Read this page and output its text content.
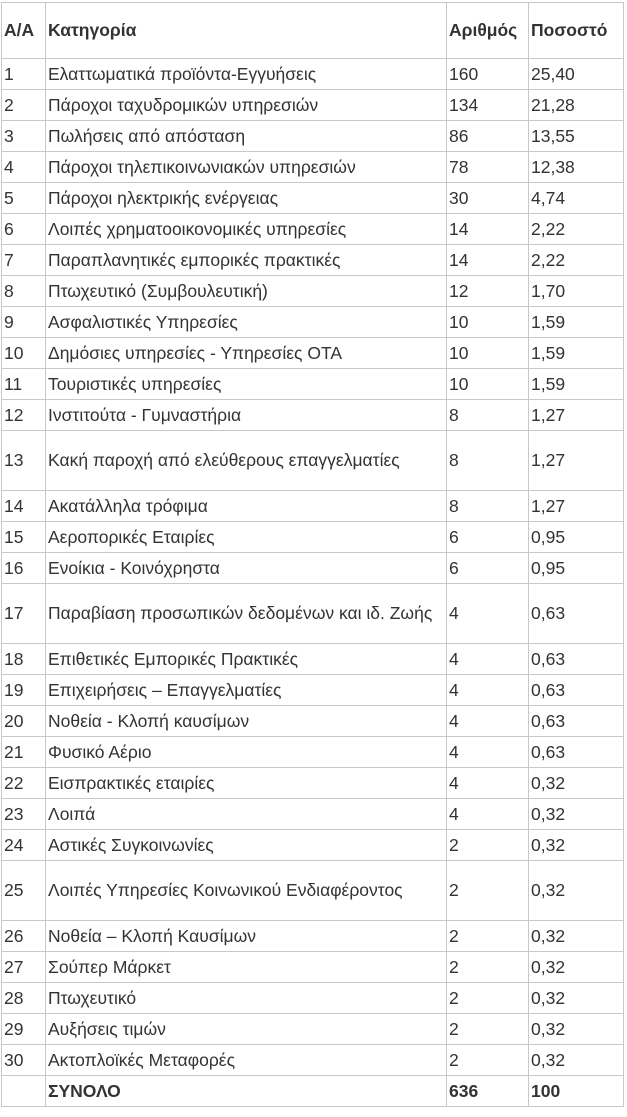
Α/Α	Κατηγορία	Αριθμός	Ποσοστό
1	Ελαττωματικά προϊόντα-Εγγυήσεις	160	25,40
2	Πάροχοι ταχυδρομικών υπηρεσιών	134	21,28
3	Πωλήσεις από απόσταση	86	13,55
4	Πάροχοι τηλεπικοινωνιακών υπηρεσιών	78	12,38
5	Πάροχοι ηλεκτρικής ενέργειας	30	4,74
6	Λοιπές χρηματοοικονομικές υπηρεσίες	14	2,22
7	Παραπλανητικές εμπορικές πρακτικές	14	2,22
8	Πτωχευτικό (Συμβουλευτική)	12	1,70
9	Ασφαλιστικές Υπηρεσίες	10	1,59
10	Δημόσιες υπηρεσίες - Υπηρεσίες ΟΤΑ	10	1,59
11	Τουριστικές υπηρεσίες	10	1,59
12	Ινστιτούτα - Γυμναστήρια	8	1,27
13	Κακή παροχή από ελεύθερους επαγγελματίες	8	1,27
14	Ακατάλληλα τρόφιμα	8	1,27
15	Αεροπορικές Εταιρίες	6	0,95
16	Ενοίκια - Κοινόχρηστα	6	0,95
17	Παραβίαση προσωπικών δεδομένων και ιδ. Ζωής	4	0,63
18	Επιθετικές Εμπορικές Πρακτικές	4	0,63
19	Επιχειρήσεις – Επαγγελματίες	4	0,63
20	Νοθεία - Κλοπή καυσίμων	4	0,63
21	Φυσικό Αέριο	4	0,63
22	Εισπρακτικές εταιρίες	4	0,32
23	Λοιπά	4	0,32
24	Αστικές Συγκοινωνίες	2	0,32
25	Λοιπές Υπηρεσίες Κοινωνικού Ενδιαφέροντος	2	0,32
26	Νοθεία – Κλοπή Καυσίμων	2	0,32
27	Σούπερ Μάρκετ	2	0,32
28	Πτωχευτικό	2	0,32
29	Αυξήσεις τιμών	2	0,32
30	Ακτοπλοϊκές Μεταφορές	2	0,32
	ΣΥΝΟΛΟ	636	100
